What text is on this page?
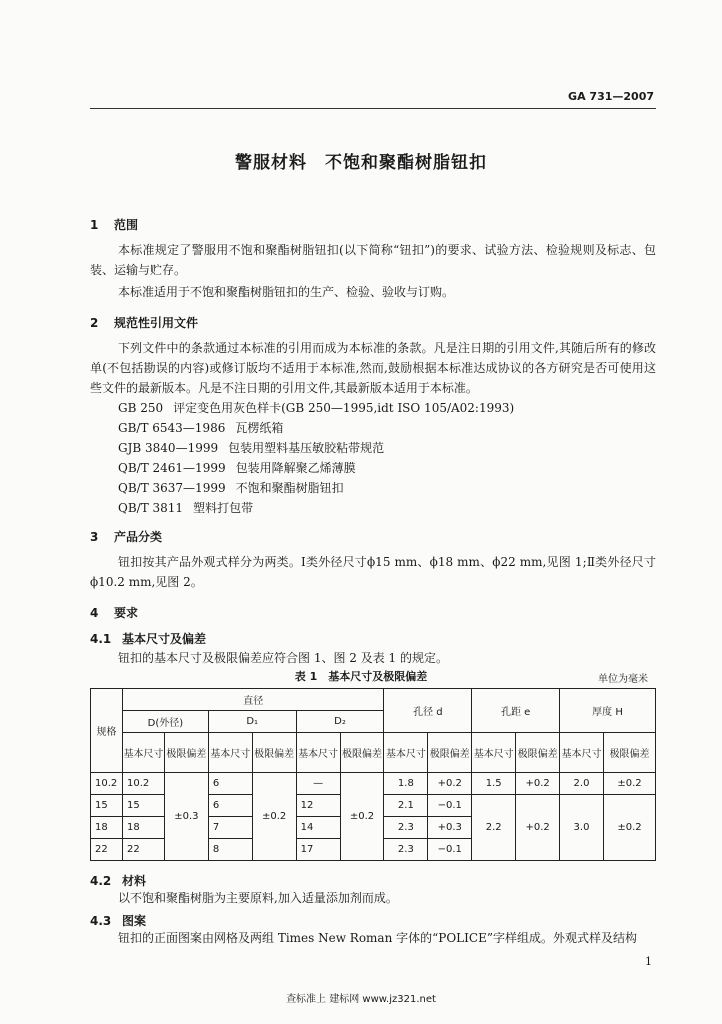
GA 731—2007
警服材料　不饱和聚酯树脂钮扣
1 范围
本标准规定了警服用不饱和聚酯树脂钮扣(以下简称“钮扣”)的要求、试验方法、检验规则及标志、包装、运输与贮存。
本标准适用于不饱和聚酯树脂钮扣的生产、检验、验收与订购。
2 规范性引用文件
下列文件中的条款通过本标准的引用而成为本标准的条款。凡是注日期的引用文件,其随后所有的修改单(不包括勘误的内容)或修订版均不适用于本标准,然而,鼓励根据本标准达成协议的各方研究是否可使用这些文件的最新版本。凡是不注日期的引用文件,其最新版本适用于本标准。
GB 250 评定变色用灰色样卡(GB 250—1995,idt ISO 105/A02:1993)
GB/T 6543—1986 瓦楞纸箱
GJB 3840—1999 包装用塑料基压敏胶粘带规范
QB/T 2461—1999 包装用降解聚乙烯薄膜
QB/T 3637—1999 不饱和聚酯树脂钮扣
QB/T 3811 塑料打包带
3 产品分类
钮扣按其产品外观式样分为两类。Ⅰ类外径尺寸ϕ15 mm、ϕ18 mm、ϕ22 mm,见图 1;Ⅱ类外径尺寸ϕ10.2 mm,见图 2。
4 要求
4.1 基本尺寸及偏差
钮扣的基本尺寸及极限偏差应符合图 1、图 2 及表 1 的规定。
表 1　基本尺寸及极限偏差	单位为毫米
规格	直径						孔径 d		孔距 e		厚度 H	
	D(外径)		D₁		D₂							
	基本尺寸	极限偏差	基本尺寸	极限偏差	基本尺寸	极限偏差	基本尺寸	极限偏差	基本尺寸	极限偏差	基本尺寸	极限偏差
10.2	10.2	±0.3	6	±0.2	—	±0.2	1.8	+0.2	1.5	+0.2	2.0	±0.2
15	15		6		12		2.1	−0.1	2.2	+0.2	3.0	±0.2
18	18		7		14		2.3	+0.3				
22	22		8		17		2.3	−0.1				
4.2 材料
以不饱和聚酯树脂为主要原料,加入适量添加剂而成。
4.3 图案
钮扣的正面图案由网格及两组 Times New Roman 字体的“POLICE”字样组成。外观式样及结构
1
查标准上 建标网 www.jz321.net
